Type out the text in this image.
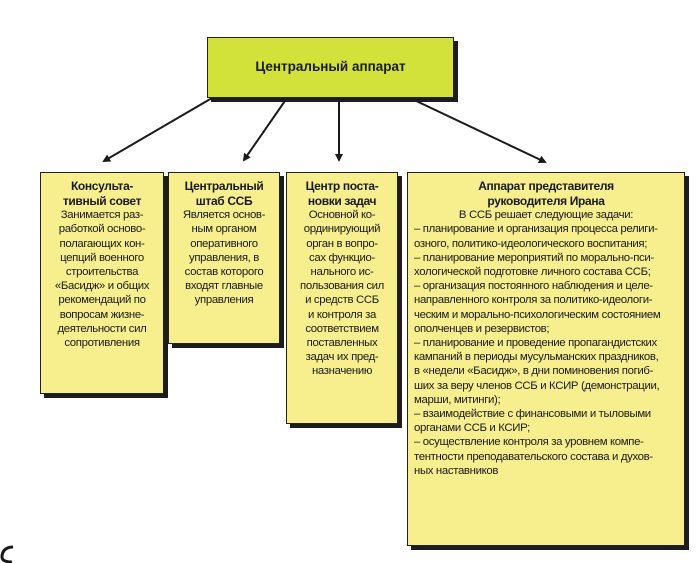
Центральный аппарат
Консульта-
тивный совет
Занимается раз-
работкой осново-
полагающих кон-
цепций военного
строительства
«Басидж» и общих
рекомендаций по
вопросам жизне-
деятельности сил
сопротивления
Центральный
штаб ССБ
Является основ-
ным органом
оперативного
управления, в
состав которого
входят главные
управления
Центр поста-
новки задач
Основной ко-
ординирующий
орган в вопро-
сах функцио-
нального ис-
пользования сил
и средств ССБ
и контроля за
соответствием
поставленных
задач их пред-
назначению
Аппарат представителя
руководителя Ирана
В ССБ решает следующие задачи:
– планирование и организация процесса религи-
озного, политико-идеологического воспитания;
– планирование мероприятий по морально-пси-
хологической подготовке личного состава ССБ;
– организация постоянного наблюдения и целе-
направленного контроля за политико-идеологи-
ческим и морально-психологическим состоянием
ополченцев и резервистов;
– планирование и проведение пропагандистских
кампаний в периоды мусульманских праздников,
в «недели «Басидж», в дни поминовения погиб-
ших за веру членов ССБ и КСИР (демонстрации,
марши, митинги);
– взаимодействие с финансовыми и тыловыми
органами ССБ и КСИР;
– осуществление контроля за уровнем компе-
тентности преподавательского состава и духов-
ных наставников
